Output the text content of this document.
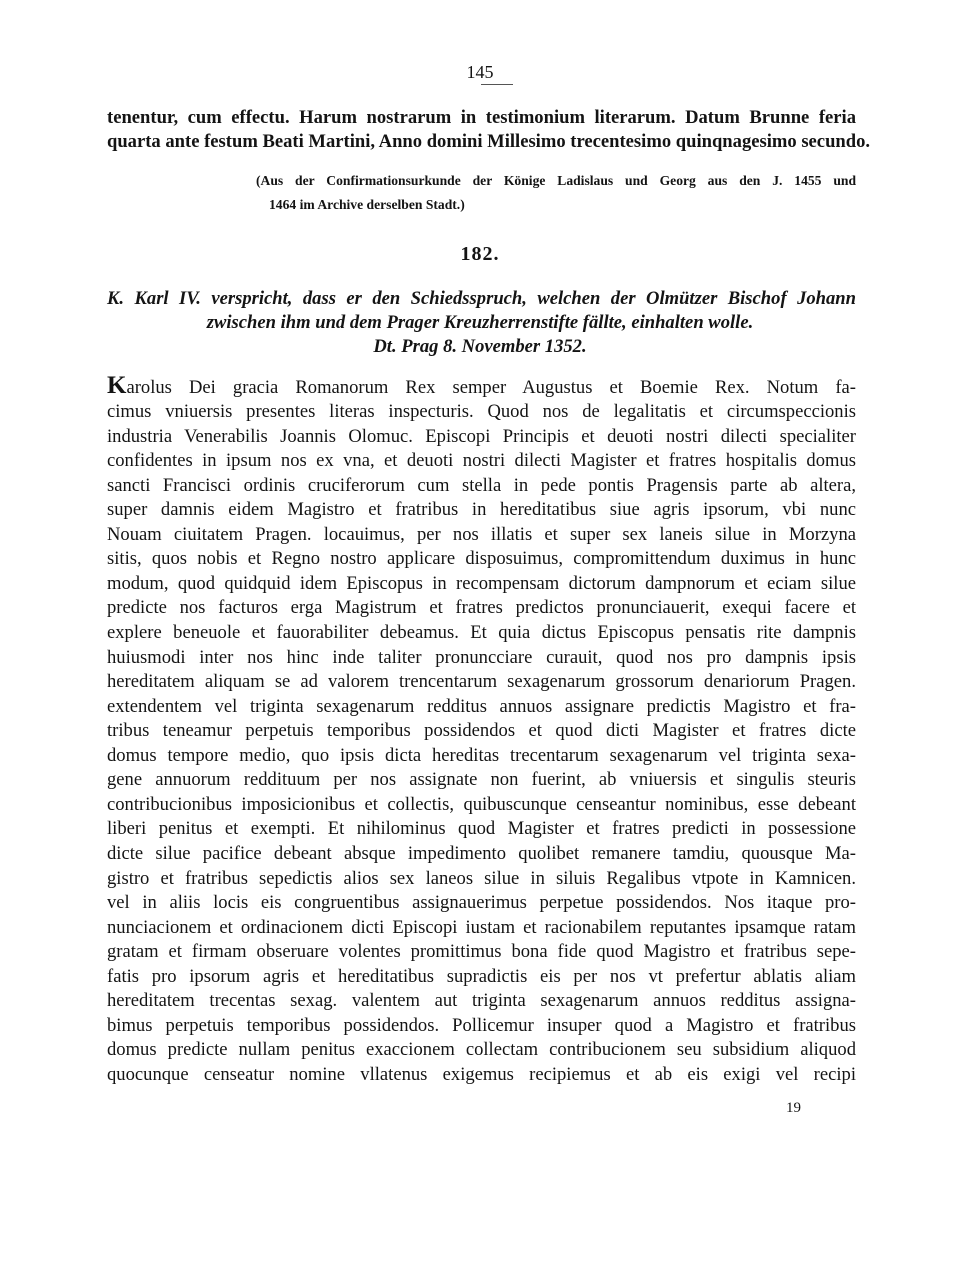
145
tenentur, cum effectu. Harum nostrarum in testimonium literarum. Datum Brunne feria
quarta ante festum Beati Martini, Anno domini Millesimo trecentesimo quinqnagesimo secundo.
(Aus der Confirmationsurkunde der Könige Ladislaus und Georg aus den J. 1455 und
1464 im Archive derselben Stadt.)
182.
K. Karl IV. verspricht, dass er den Schiedsspruch, welchen der Olmützer Bischof Johann
zwischen ihm und dem Prager Kreuzherrenstifte fällte, einhalten wolle.
Dt. Prag 8. November 1352.
Karolus Dei gracia Romanorum Rex semper Augustus et Boemie Rex. Notum fa-
cimus vniuersis presentes literas inspecturis. Quod nos de legalitatis et circumspeccionis
industria Venerabilis Joannis Olomuc. Episcopi Principis et deuoti nostri dilecti specialiter
confidentes in ipsum nos ex vna, et deuoti nostri dilecti Magister et fratres hospitalis domus
sancti Francisci ordinis cruciferorum cum stella in pede pontis Pragensis parte ab altera,
super damnis eidem Magistro et fratribus in hereditatibus siue agris ipsorum, vbi nunc
Nouam ciuitatem Pragen. locauimus, per nos illatis et super sex laneis silue in Morzyna
sitis, quos nobis et Regno nostro applicare disposuimus, compromittendum duximus in hunc
modum, quod quidquid idem Episcopus in recompensam dictorum dampnorum et eciam silue
predicte nos facturos erga Magistrum et fratres predictos pronunciauerit, exequi facere et
explere beneuole et fauorabiliter debeamus. Et quia dictus Episcopus pensatis rite dampnis
huiusmodi inter nos hinc inde taliter pronuncciare curauit, quod nos pro dampnis ipsis
hereditatem aliquam se ad valorem trencentarum sexagenarum grossorum denariorum Pragen.
extendentem vel triginta sexagenarum redditus annuos assignare predictis Magistro et fra-
tribus teneamur perpetuis temporibus possidendos et quod dicti Magister et fratres dicte
domus tempore medio, quo ipsis dicta hereditas trecentarum sexagenarum vel triginta sexa-
gene annuorum reddituum per nos assignate non fuerint, ab vniuersis et singulis steuris
contribucionibus imposicionibus et collectis, quibuscunque censeantur nominibus, esse debeant
liberi penitus et exempti. Et nihilominus quod Magister et fratres predicti in possessione
dicte silue pacifice debeant absque impedimento quolibet remanere tamdiu, quousque Ma-
gistro et fratribus sepedictis alios sex laneos silue in siluis Regalibus vtpote in Kamnicen.
vel in aliis locis eis congruentibus assignauerimus perpetue possidendos. Nos itaque pro-
nunciacionem et ordinacionem dicti Episcopi iustam et racionabilem reputantes ipsamque ratam
gratam et firmam obseruare volentes promittimus bona fide quod Magistro et fratribus sepe-
fatis pro ipsorum agris et hereditatibus supradictis eis per nos vt prefertur ablatis aliam
hereditatem trecentas sexag. valentem aut triginta sexagenarum annuos redditus assigna-
bimus perpetuis temporibus possidendos. Pollicemur insuper quod a Magistro et fratribus
domus predicte nullam penitus exaccionem collectam contribucionem seu subsidium aliquod
quocunque censeatur nomine vllatenus exigemus recipiemus et ab eis exigi vel recipi
19
